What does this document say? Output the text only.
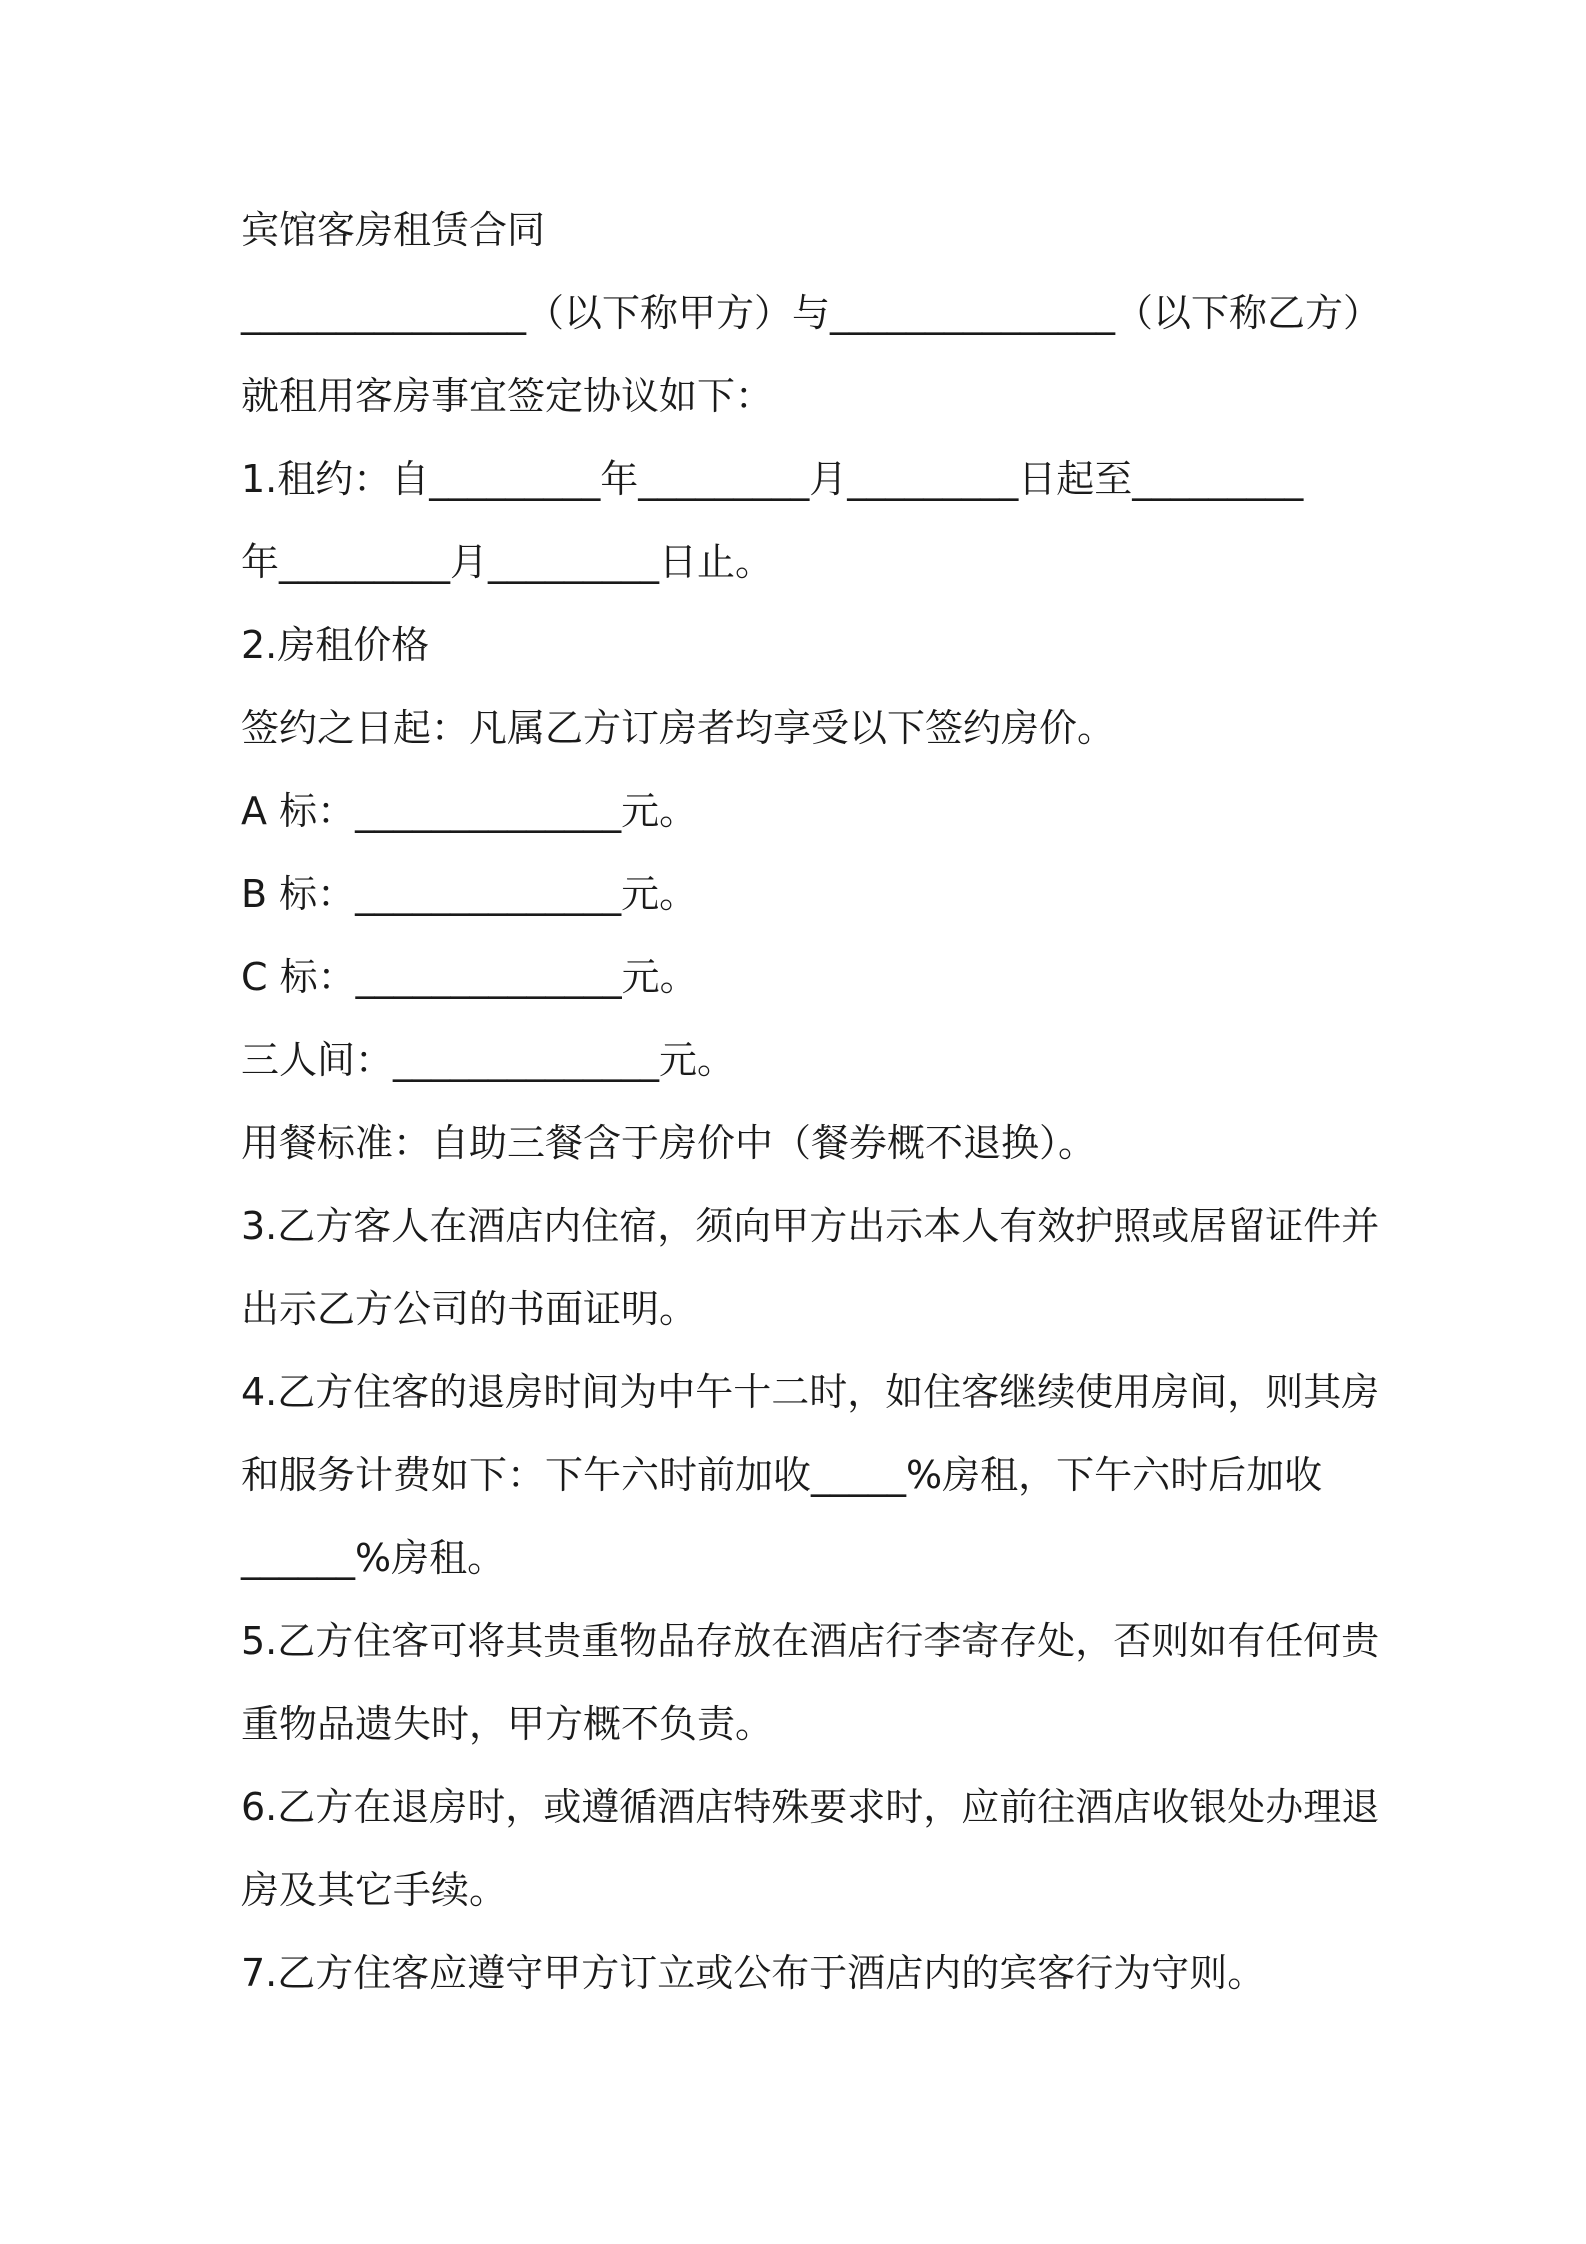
宾馆客房租赁合同
_______________（以下称甲方）与_______________（以下称乙方）
就租用客房事宜签定协议如下：
1.租约：自_________年_________月_________日起至_________
年_________月_________日止。
2.房租价格
签约之日起：凡属乙方订房者均享受以下签约房价。
A 标：______________元。
B 标：______________元。
C 标：______________元。
三人间：______________元。
用餐标准：自助三餐含于房价中（餐券概不退换）。
3.乙方客人在酒店内住宿，须向甲方出示本人有效护照或居留证件并
出示乙方公司的书面证明。
4.乙方住客的退房时间为中午十二时，如住客继续使用房间，则其房
和服务计费如下：下午六时前加收_____%房租，下午六时后加收
______%房租。
5.乙方住客可将其贵重物品存放在酒店行李寄存处，否则如有任何贵
重物品遗失时，甲方概不负责。
6.乙方在退房时，或遵循酒店特殊要求时，应前往酒店收银处办理退
房及其它手续。
7.乙方住客应遵守甲方订立或公布于酒店内的宾客行为守则。
